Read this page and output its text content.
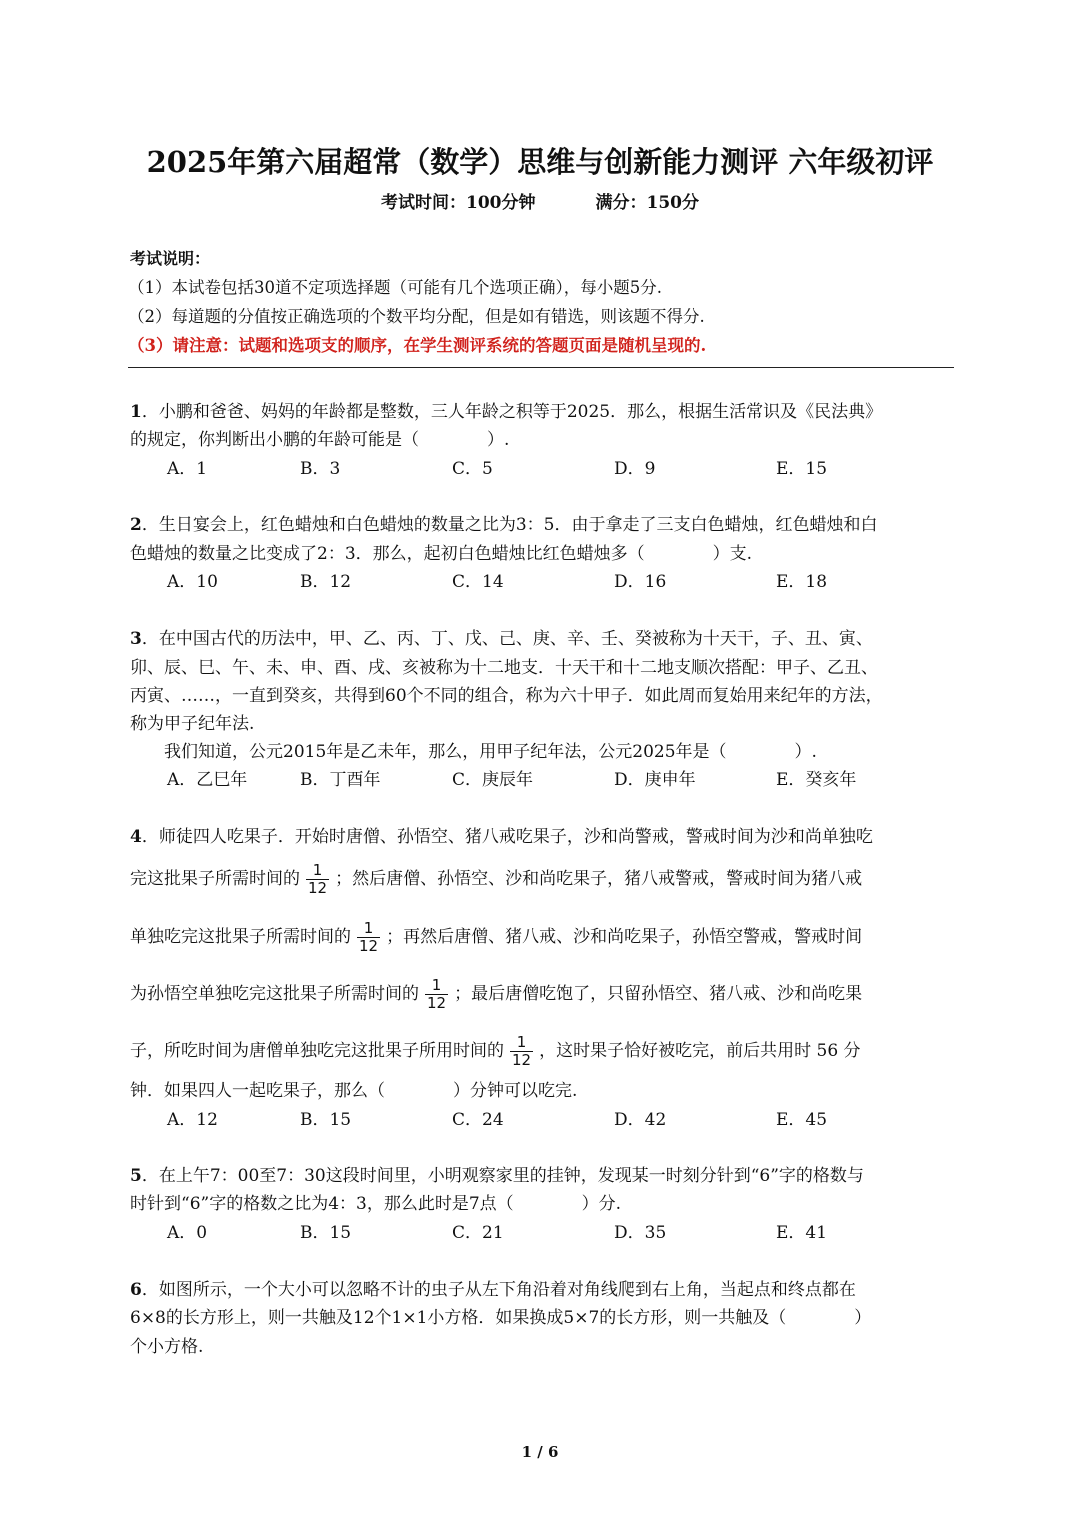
2025年第六届超常（数学）思维与创新能力测评 六年级初评
考试时间：100分钟	满分：150分
考试说明：
（1）本试卷包括30道不定项选择题（可能有几个选项正确），每小题5分.
（2）每道题的分值按正确选项的个数平均分配，但是如有错选，则该题不得分.
（3）请注意：试题和选项支的顺序，在学生测评系统的答题页面是随机呈现的.
1．小鹏和爸爸、妈妈的年龄都是整数，三人年龄之积等于2025．那么，根据生活常识及《民法典》
的规定，你判断出小鹏的年龄可能是（　　　　）.
A．1	B．3	C．5	D．9	E．15
2．生日宴会上，红色蜡烛和白色蜡烛的数量之比为3：5．由于拿走了三支白色蜡烛，红色蜡烛和白
色蜡烛的数量之比变成了2：3．那么，起初白色蜡烛比红色蜡烛多（　　　　）支.
A．10	B．12	C．14	D．16	E．18
3．在中国古代的历法中，甲、乙、丙、丁、戊、己、庚、辛、壬、癸被称为十天干，子、丑、寅、
卯、辰、巳、午、未、申、酉、戌、亥被称为十二地支．十天干和十二地支顺次搭配：甲子、乙丑、
丙寅、……，一直到癸亥，共得到60个不同的组合，称为六十甲子．如此周而复始用来纪年的方法，
称为甲子纪年法.
我们知道，公元2015年是乙未年，那么，用甲子纪年法，公元2025年是（　　　　）.
A．乙巳年	B．丁酉年	C．庚辰年	D．庚申年	E．癸亥年
4．师徒四人吃果子．开始时唐僧、孙悟空、猪八戒吃果子，沙和尚警戒，警戒时间为沙和尚单独吃
完这批果子所需时间的 $\frac{1}{12}$ ；然后唐僧、孙悟空、沙和尚吃果子，猪八戒警戒，警戒时间为猪八戒
单独吃完这批果子所需时间的 $\frac{1}{12}$ ；再然后唐僧、猪八戒、沙和尚吃果子，孙悟空警戒，警戒时间
为孙悟空单独吃完这批果子所需时间的 $\frac{1}{12}$ ；最后唐僧吃饱了，只留孙悟空、猪八戒、沙和尚吃果
子，所吃时间为唐僧单独吃完这批果子所用时间的 $\frac{1}{12}$ ，这时果子恰好被吃完，前后共用时 56 分
钟．如果四人一起吃果子，那么（　　　　）分钟可以吃完.
A．12	B．15	C．24	D．42	E．45
5．在上午7：00至7：30这段时间里，小明观察家里的挂钟，发现某一时刻分针到“6”字的格数与
时针到“6”字的格数之比为4：3，那么此时是7点（　　　　）分.
A．0	B．15	C．21	D．35	E．41
6．如图所示，一个大小可以忽略不计的虫子从左下角沿着对角线爬到右上角，当起点和终点都在
6×8的长方形上，则一共触及12个1×1小方格．如果换成5×7的长方形，则一共触及（　　　　）
个小方格.
1 / 6
